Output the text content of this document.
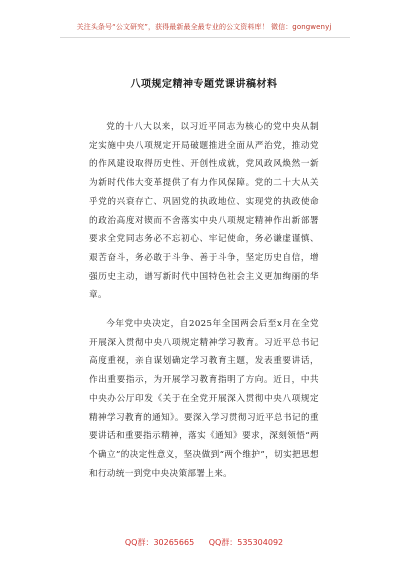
关注头条号“公文研究”，获得最新最全最专业的公文资料库！ 微信：gongwenyj
八项规定精神专题党课讲稿材料

党的十八大以来，以习近平同志为核心的党中央从制定实施中央八项规定开局破题推进全面从严治党，推动党的作风建设取得历史性、开创性成就，党风政风焕然一新为新时代伟大变革提供了有力作风保障。党的二十大从关乎党的兴衰存亡、巩固党的执政地位、实现党的执政使命的政治高度对锲而不舍落实中央八项规定精神作出新部署要求全党同志务必不忘初心、牢记使命，务必谦虚谨慎、艰苦奋斗，务必敢于斗争、善于斗争，坚定历史自信，增强历史主动，谱写新时代中国特色社会主义更加绚丽的华章。

今年党中央决定，自2025年全国两会后至x月在全党开展深入贯彻中央八项规定精神学习教育。习近平总书记高度重视，亲自谋划确定学习教育主题，发表重要讲话，作出重要指示，为开展学习教育指明了方向。近日，中共中央办公厅印发《关于在全党开展深入贯彻中央八项规定精神学习教育的通知》。要深入学习贯彻习近平总书记的重要讲话和重要指示精神，落实《通知》要求，深刻领悟“两个确立”的决定性意义，坚决做到“两个维护”，切实把思想和行动统一到党中央决策部署上来。

QQ群：30265665 QQ群：535304092
